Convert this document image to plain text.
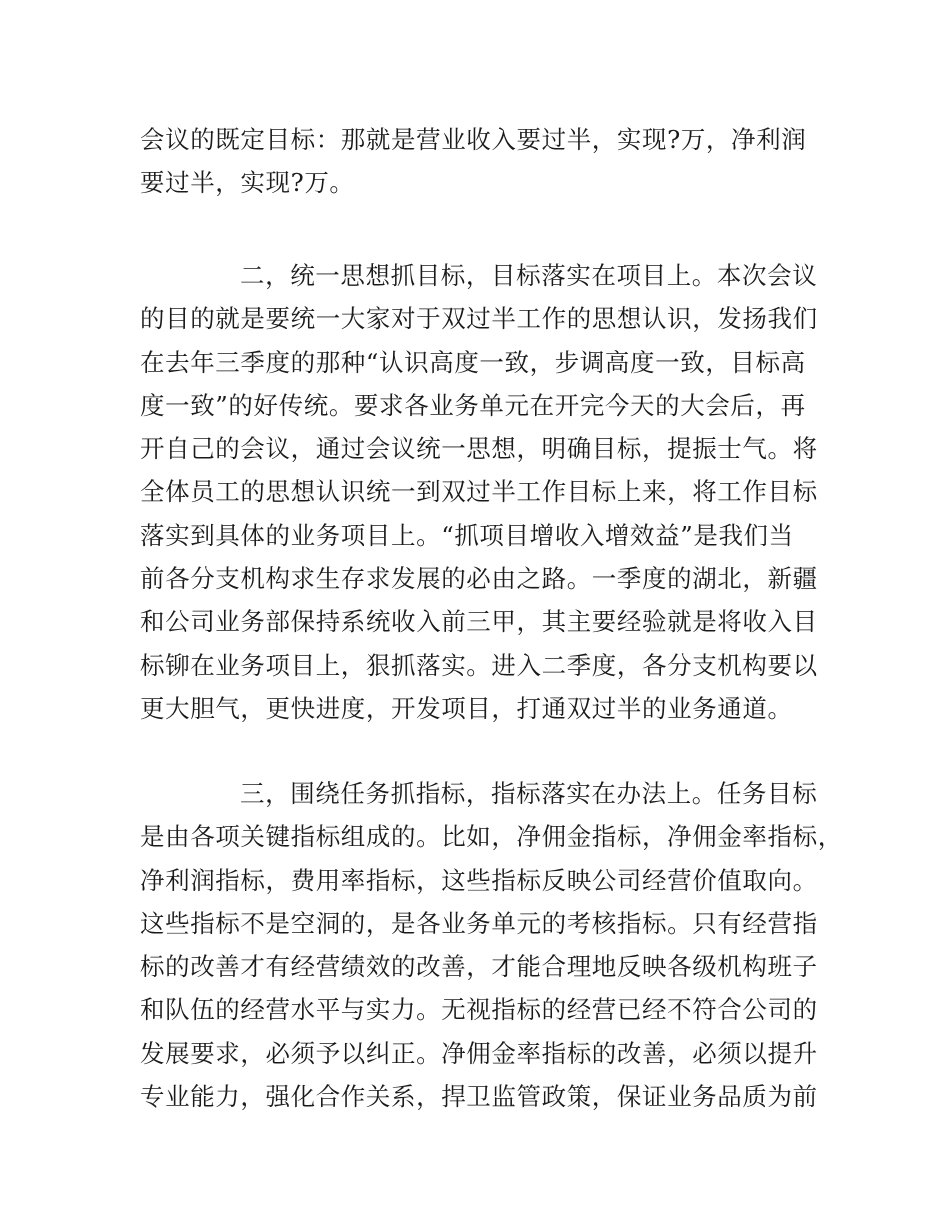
会议的既定目标：那就是营业收入要过半，实现?万，净利润
要过半，实现?万。

二，统一思想抓目标，目标落实在项目上。本次会议
的目的就是要统一大家对于双过半工作的思想认识，发扬我们
在去年三季度的那种“认识高度一致，步调高度一致，目标高
度一致”的好传统。要求各业务单元在开完今天的大会后，再
开自己的会议，通过会议统一思想，明确目标，提振士气。将
全体员工的思想认识统一到双过半工作目标上来，将工作目标
落实到具体的业务项目上。“抓项目增收入增效益”是我们当
前各分支机构求生存求发展的必由之路。一季度的湖北，新疆
和公司业务部保持系统收入前三甲，其主要经验就是将收入目
标铆在业务项目上，狠抓落实。进入二季度，各分支机构要以
更大胆气，更快进度，开发项目，打通双过半的业务通道。

三，围绕任务抓指标，指标落实在办法上。任务目标
是由各项关键指标组成的。比如，净佣金指标，净佣金率指标，
净利润指标，费用率指标，这些指标反映公司经营价值取向。
这些指标不是空洞的，是各业务单元的考核指标。只有经营指
标的改善才有经营绩效的改善，才能合理地反映各级机构班子
和队伍的经营水平与实力。无视指标的经营已经不符合公司的
发展要求，必须予以纠正。净佣金率指标的改善，必须以提升
专业能力，强化合作关系，捍卫监管政策，保证业务品质为前
